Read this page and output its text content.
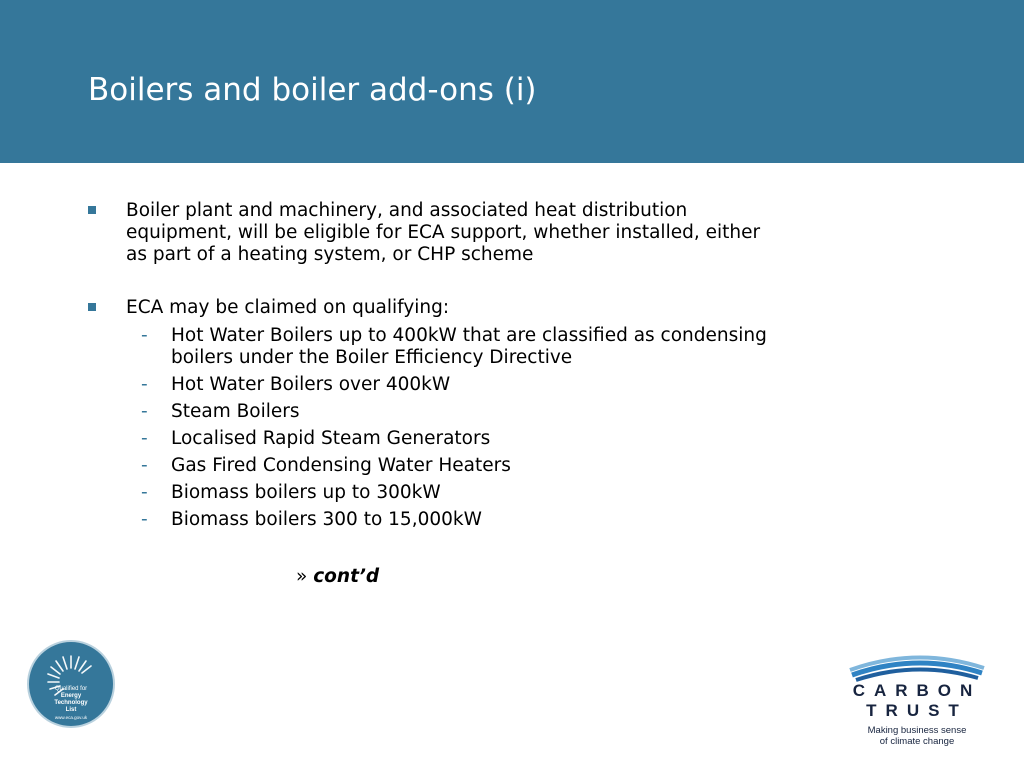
Boilers and boiler add-ons (i)
Boiler plant and machinery, and associated heat distribution
equipment, will be eligible for ECA support, whether installed, either
as part of a heating system, or CHP scheme
ECA may be claimed on qualifying:
- Hot Water Boilers up to 400kW that are classified as condensing
boilers under the Boiler Efficiency Directive
- Hot Water Boilers over 400kW
- Steam Boilers
- Localised Rapid Steam Generators
- Gas Fired Condensing Water Heaters
- Biomass boilers up to 300kW
- Biomass boilers 300 to 15,000kW
» cont’d
Qualified for
Energy
Technology
List
www.eca.gov.uk
CARBON
TRUST
Making business sense
of climate change
